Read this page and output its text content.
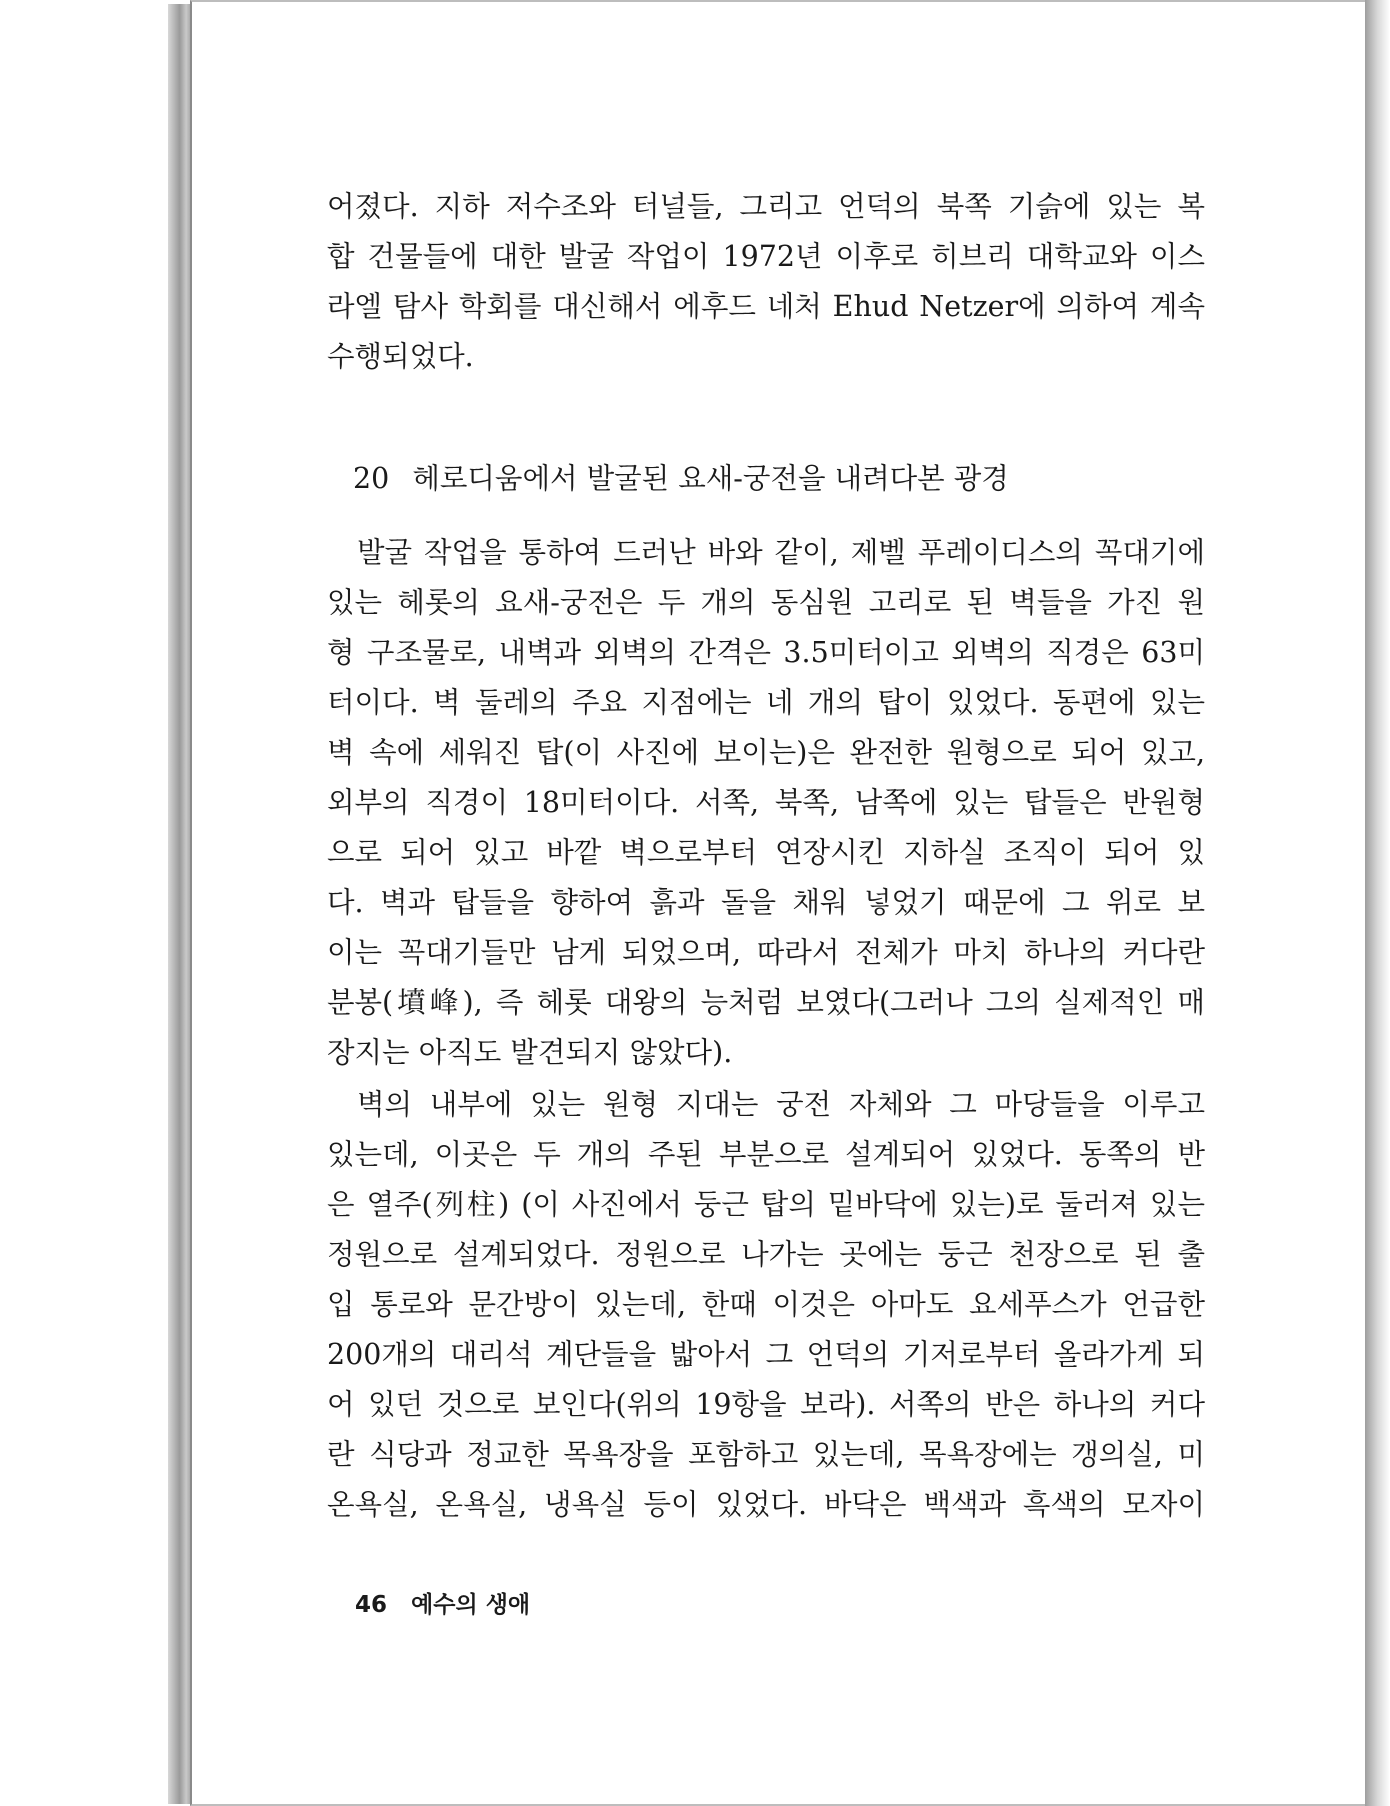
어졌다. 지하 저수조와 터널들, 그리고 언덕의 북쪽 기슭에 있는 복

합 건물들에 대한 발굴 작업이 1972년 이후로 히브리 대학교와 이스

라엘 탐사 학회를 대신해서 에후드 네처 Ehud Netzer에 의하여 계속

수행되었다.

20 헤로디움에서 발굴된 요새-궁전을 내려다본 광경

발굴 작업을 통하여 드러난 바와 같이, 제벨 푸레이디스의 꼭대기에

있는 헤롯의 요새-궁전은 두 개의 동심원 고리로 된 벽들을 가진 원

형 구조물로, 내벽과 외벽의 간격은 3.5미터이고 외벽의 직경은 63미

터이다. 벽 둘레의 주요 지점에는 네 개의 탑이 있었다. 동편에 있는

벽 속에 세워진 탑(이 사진에 보이는)은 완전한 원형으로 되어 있고,

외부의 직경이 18미터이다. 서쪽, 북쪽, 남쪽에 있는 탑들은 반원형

으로 되어 있고 바깥 벽으로부터 연장시킨 지하실 조직이 되어 있

다. 벽과 탑들을 향하여 흙과 돌을 채워 넣었기 때문에 그 위로 보

이는 꼭대기들만 남게 되었으며, 따라서 전체가 마치 하나의 커다란

분봉(墳峰), 즉 헤롯 대왕의 능처럼 보였다(그러나 그의 실제적인 매

장지는 아직도 발견되지 않았다).

벽의 내부에 있는 원형 지대는 궁전 자체와 그 마당들을 이루고

있는데, 이곳은 두 개의 주된 부분으로 설계되어 있었다. 동쪽의 반

은 열주(列柱) (이 사진에서 둥근 탑의 밑바닥에 있는)로 둘러져 있는

정원으로 설계되었다. 정원으로 나가는 곳에는 둥근 천장으로 된 출

입 통로와 문간방이 있는데, 한때 이것은 아마도 요세푸스가 언급한

200개의 대리석 계단들을 밟아서 그 언덕의 기저로부터 올라가게 되

어 있던 것으로 보인다(위의 19항을 보라). 서쪽의 반은 하나의 커다

란 식당과 정교한 목욕장을 포함하고 있는데, 목욕장에는 갱의실, 미

온욕실, 온욕실, 냉욕실 등이 있었다. 바닥은 백색과 흑색의 모자이

46 예수의 생애
